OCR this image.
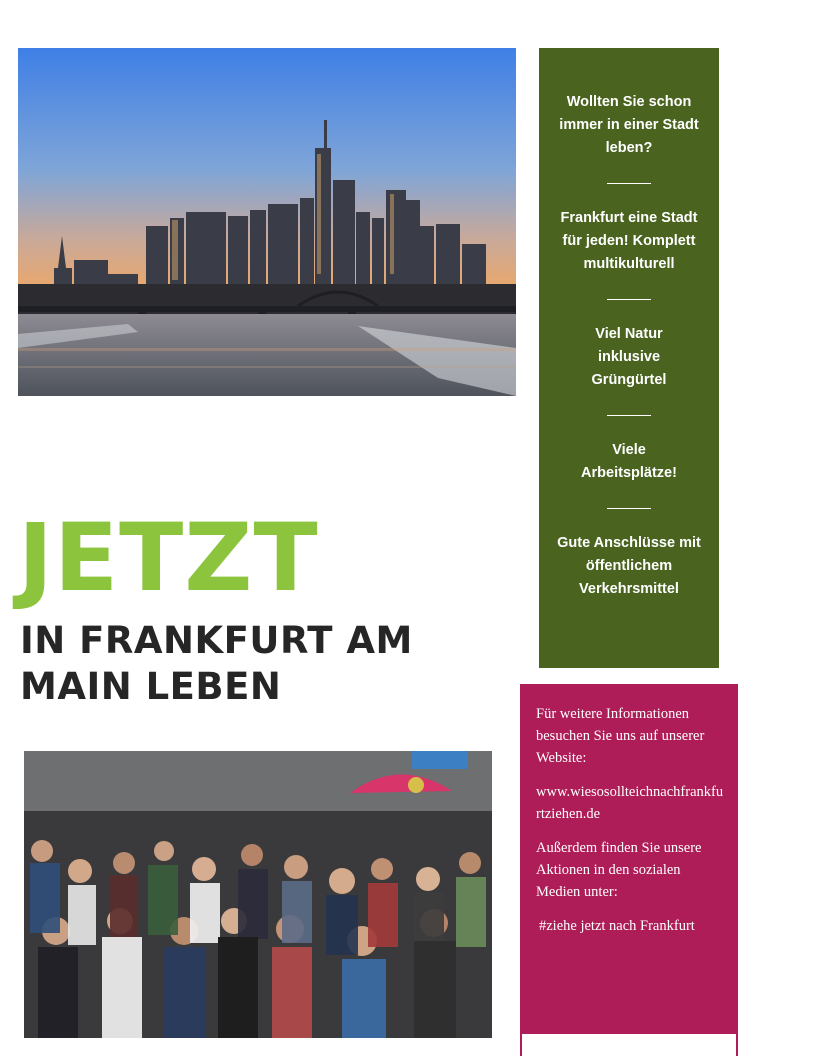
Wollten Sie schon immer in einer Stadt leben?

Frankfurt eine Stadt für jeden! Komplett multikulturell

Viel Natur inklusive Grüngürtel

Viele Arbeitsplätze!

Gute Anschlüsse mit öffentlichem Verkehrsmittel

JETZT
IN FRANKFURT AM MAIN LEBEN

Für weitere Informationen besuchen Sie uns auf unserer Website:

www.wiesosollteichnachfrankfurtziehen.de

Außerdem finden Sie unsere Aktionen in den sozialen Medien unter:

#ziehe jetzt nach Frankfurt
